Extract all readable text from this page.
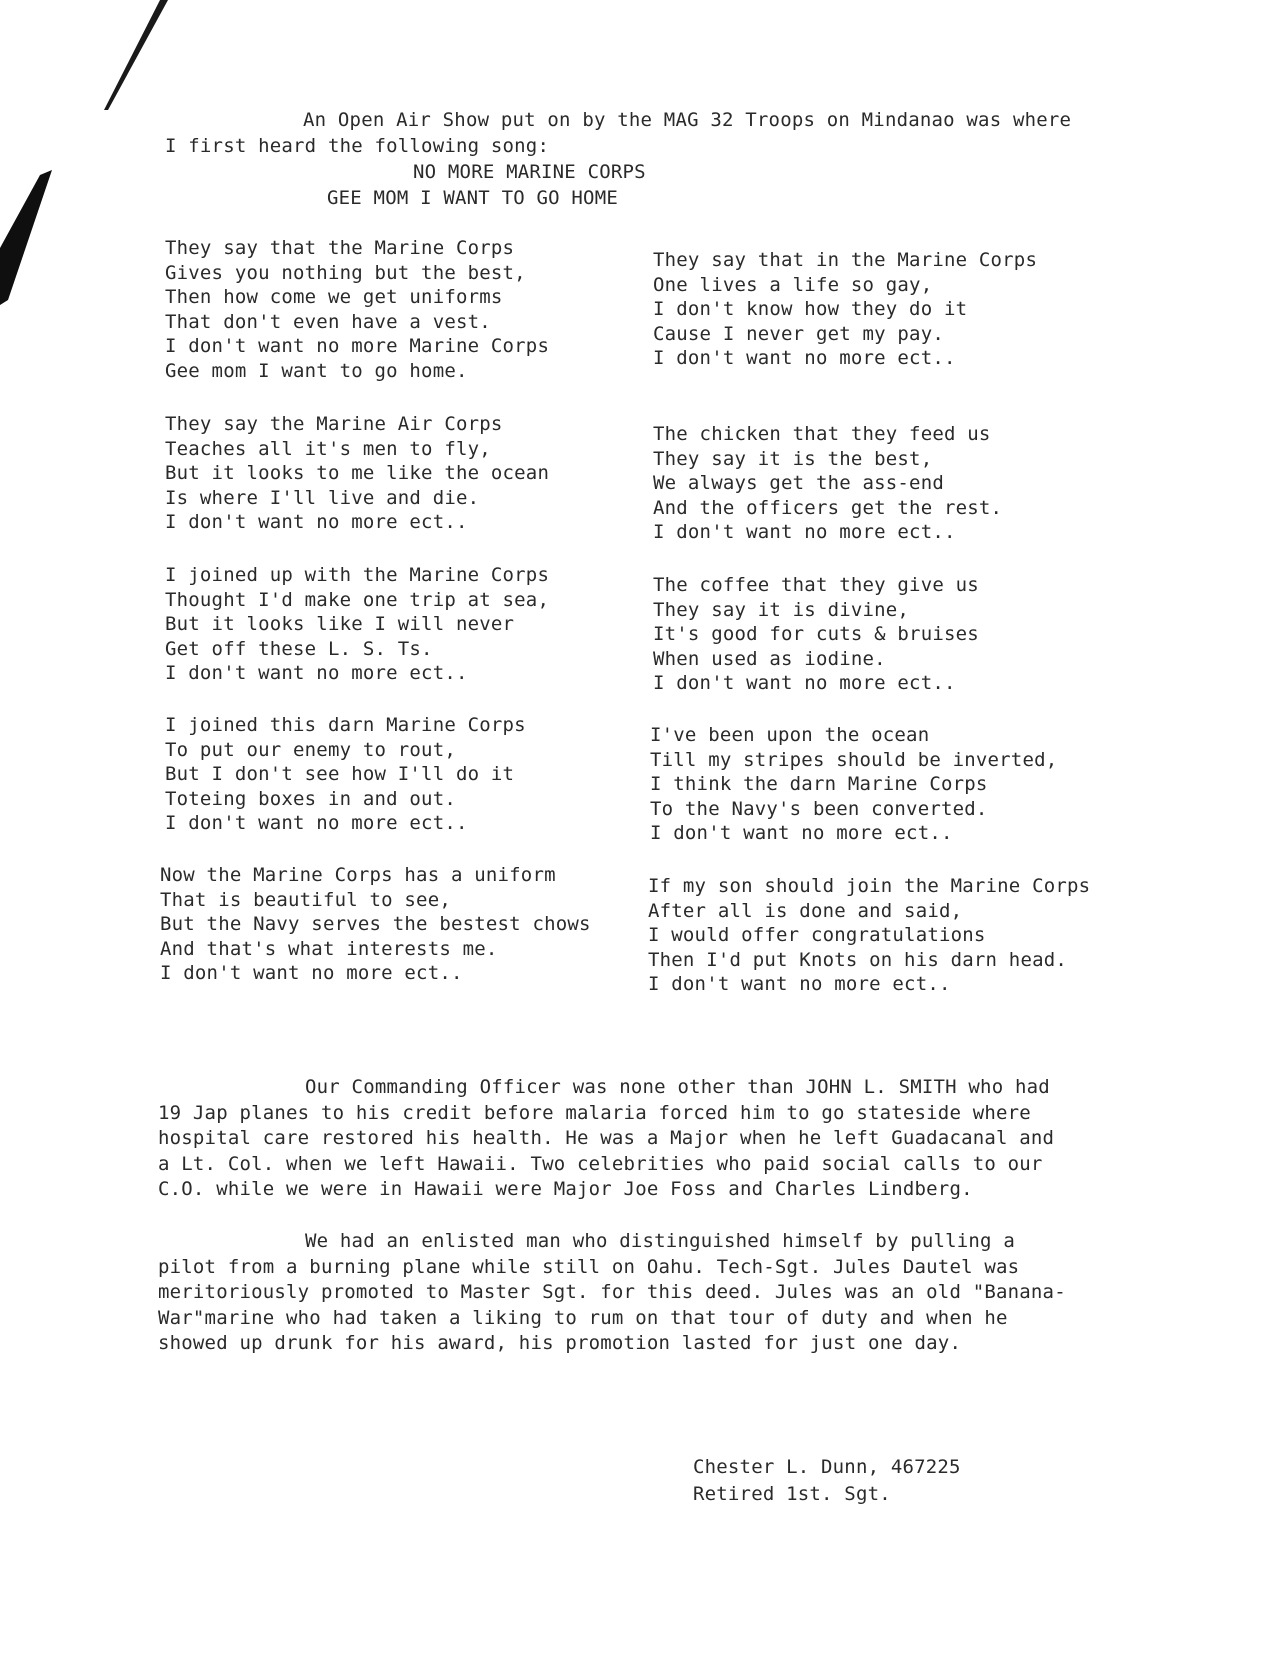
An Open Air Show put on by the MAG 32 Troops on Mindanao was where
I first heard the following song:
NO MORE MARINE CORPS
GEE MOM I WANT TO GO HOME
They say that the Marine Corps
Gives you nothing but the best,
Then how come we get uniforms
That don't even have a vest.
I don't want no more Marine Corps
Gee mom I want to go home.
They say the Marine Air Corps
Teaches all it's men to fly,
But it looks to me like the ocean
Is where I'll live and die.
I don't want no more ect..
I joined up with the Marine Corps
Thought I'd make one trip at sea,
But it looks like I will never
Get off these L. S. Ts.
I don't want no more ect..
I joined this darn Marine Corps
To put our enemy to rout,
But I don't see how I'll do it
Toteing boxes in and out.
I don't want no more ect..
Now the Marine Corps has a uniform
That is beautiful to see,
But the Navy serves the bestest chows
And that's what interests me.
I don't want no more ect..
They say that in the Marine Corps
One lives a life so gay,
I don't know how they do it
Cause I never get my pay.
I don't want no more ect..
The chicken that they feed us
They say it is the best,
We always get the ass-end
And the officers get the rest.
I don't want no more ect..
The coffee that they give us
They say it is divine,
It's good for cuts & bruises
When used as iodine.
I don't want no more ect..
I've been upon the ocean
Till my stripes should be inverted,
I think the darn Marine Corps
To the Navy's been converted.
I don't want no more ect..
If my son should join the Marine Corps
After all is done and said,
I would offer congratulations
Then I'd put Knots on his darn head.
I don't want no more ect..
Our Commanding Officer was none other than JOHN L. SMITH who had
19 Jap planes to his credit before malaria forced him to go stateside where
hospital care restored his health. He was a Major when he left Guadacanal and
a Lt. Col. when we left Hawaii. Two celebrities who paid social calls to our
C.O. while we were in Hawaii were Major Joe Foss and Charles Lindberg.
We had an enlisted man who distinguished himself by pulling a
pilot from a burning plane while still on Oahu. Tech-Sgt. Jules Dautel was
meritoriously promoted to Master Sgt. for this deed. Jules was an old "Banana-
War"marine who had taken a liking to rum on that tour of duty and when he
showed up drunk for his award, his promotion lasted for just one day.
Chester L. Dunn, 467225
Retired 1st. Sgt.
